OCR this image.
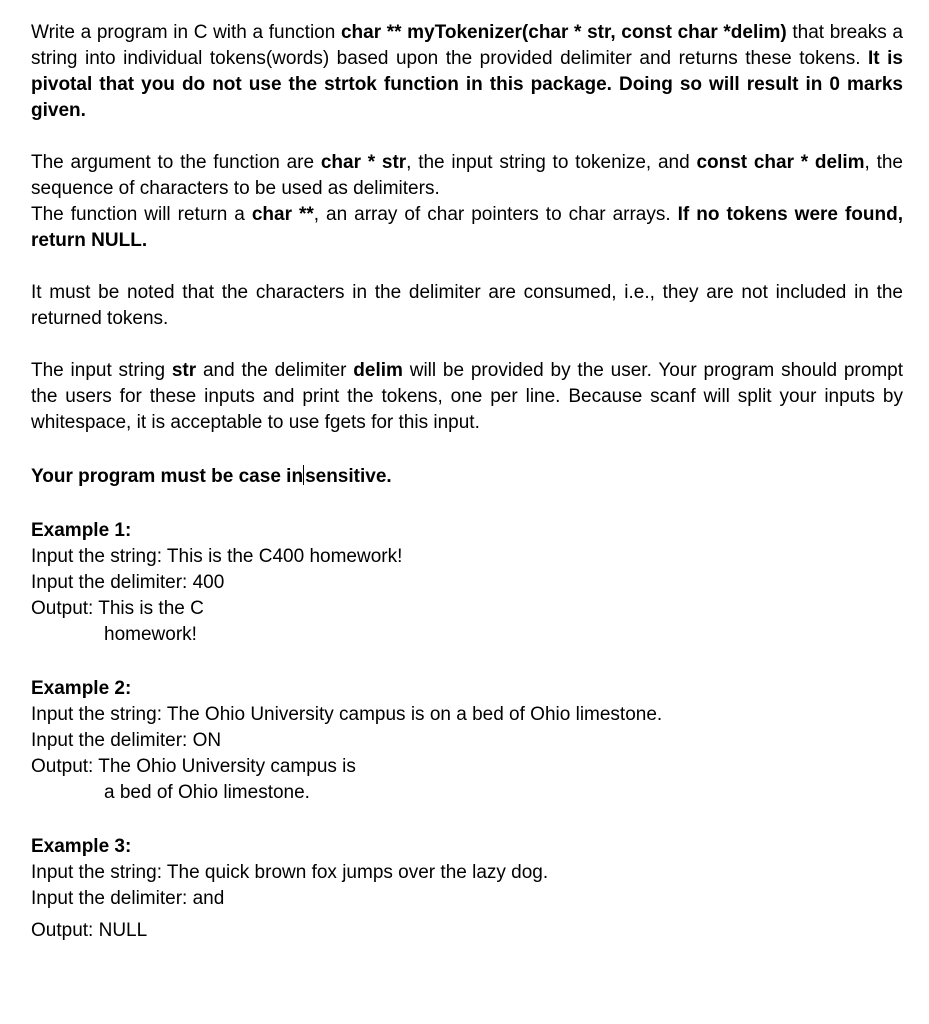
Write a program in C with a function char ** myTokenizer(char * str, const char *delim) that breaks a string into individual tokens(words) based upon the provided delimiter and returns these tokens. It is pivotal that you do not use the strtok function in this package. Doing so will result in 0 marks given.

The argument to the function are char * str, the input string to tokenize, and const char * delim, the sequence of characters to be used as delimiters.
The function will return a char **, an array of char pointers to char arrays. If no tokens were found, return NULL.

It must be noted that the characters in the delimiter are consumed, i.e., they are not included in the returned tokens.

The input string str and the delimiter delim will be provided by the user. Your program should prompt the users for these inputs and print the tokens, one per line. Because scanf will split your inputs by whitespace, it is acceptable to use fgets for this input.

Your program must be case in sensitive.

Example 1:
Input the string: This is the C400 homework!
Input the delimiter: 400
Output: This is the C
homework!
Example 2:
Input the string: The Ohio University campus is on a bed of Ohio limestone.
Input the delimiter: ON
Output: The Ohio University campus is
a bed of Ohio limestone.
Example 3:
Input the string: The quick brown fox jumps over the lazy dog.
Input the delimiter: and
Output: NULL
